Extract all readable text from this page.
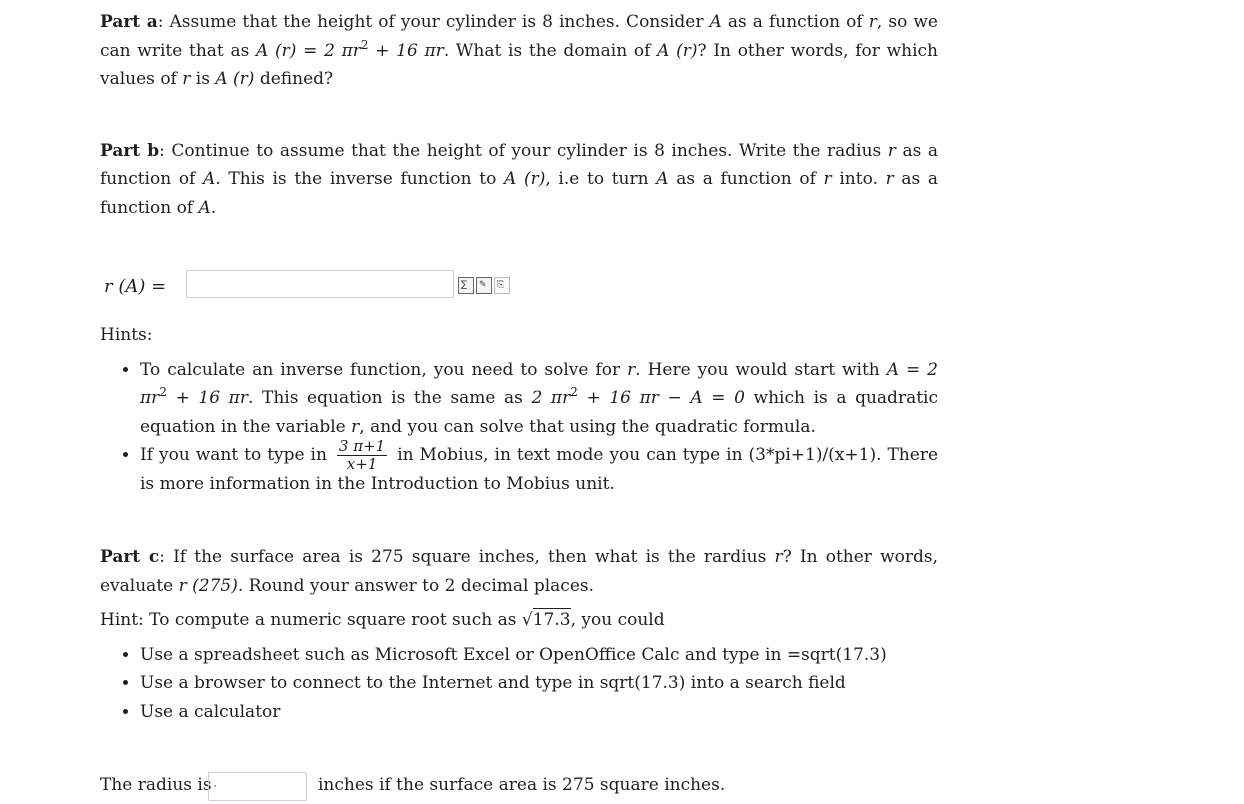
Part a: Assume that the height of your cylinder is 8 inches. Consider A as a function of r, so we can write that as A (r) = 2 $\pi r^2 + 16$ πr. What is the domain of A (r)? In other words, for which values of r is A (r) defined?

Part b: Continue to assume that the height of your cylinder is 8 inches. Write the radius r as a function of A. This is the inverse function to A (r), i.e to turn A as a function of r into. r as a function of A.

r (A) =	∑ ✎ ⎘

Hints:

• To calculate an inverse function, you need to solve for r. Here you would start with A = 2 $\pi r^2 + 16$ πr. This equation is the same as 2 $\pi r^2 + 16$ πr − A = 0 which is a quadratic equation in the variable r, and you can solve that using the quadratic formula.
• If you want to type in $\frac{3 \pi+1}{x+1}$ in Mobius, in text mode you can type in (3*pi+1)/(x+1). There is more information in the Introduction to Mobius unit.

Part c: If the surface area is 275 square inches, then what is the rardius r? In other words, evaluate r (275). Round your answer to 2 decimal places.

Hint: To compute a numeric square root such as √17.3, you could

• Use a spreadsheet such as Microsoft Excel or OpenOffice Calc and type in =sqrt(17.3)
• Use a browser to connect to the Internet and type in sqrt(17.3) into a search field
• Use a calculator
The radius is	inches if the surface area is 275 square inches.
